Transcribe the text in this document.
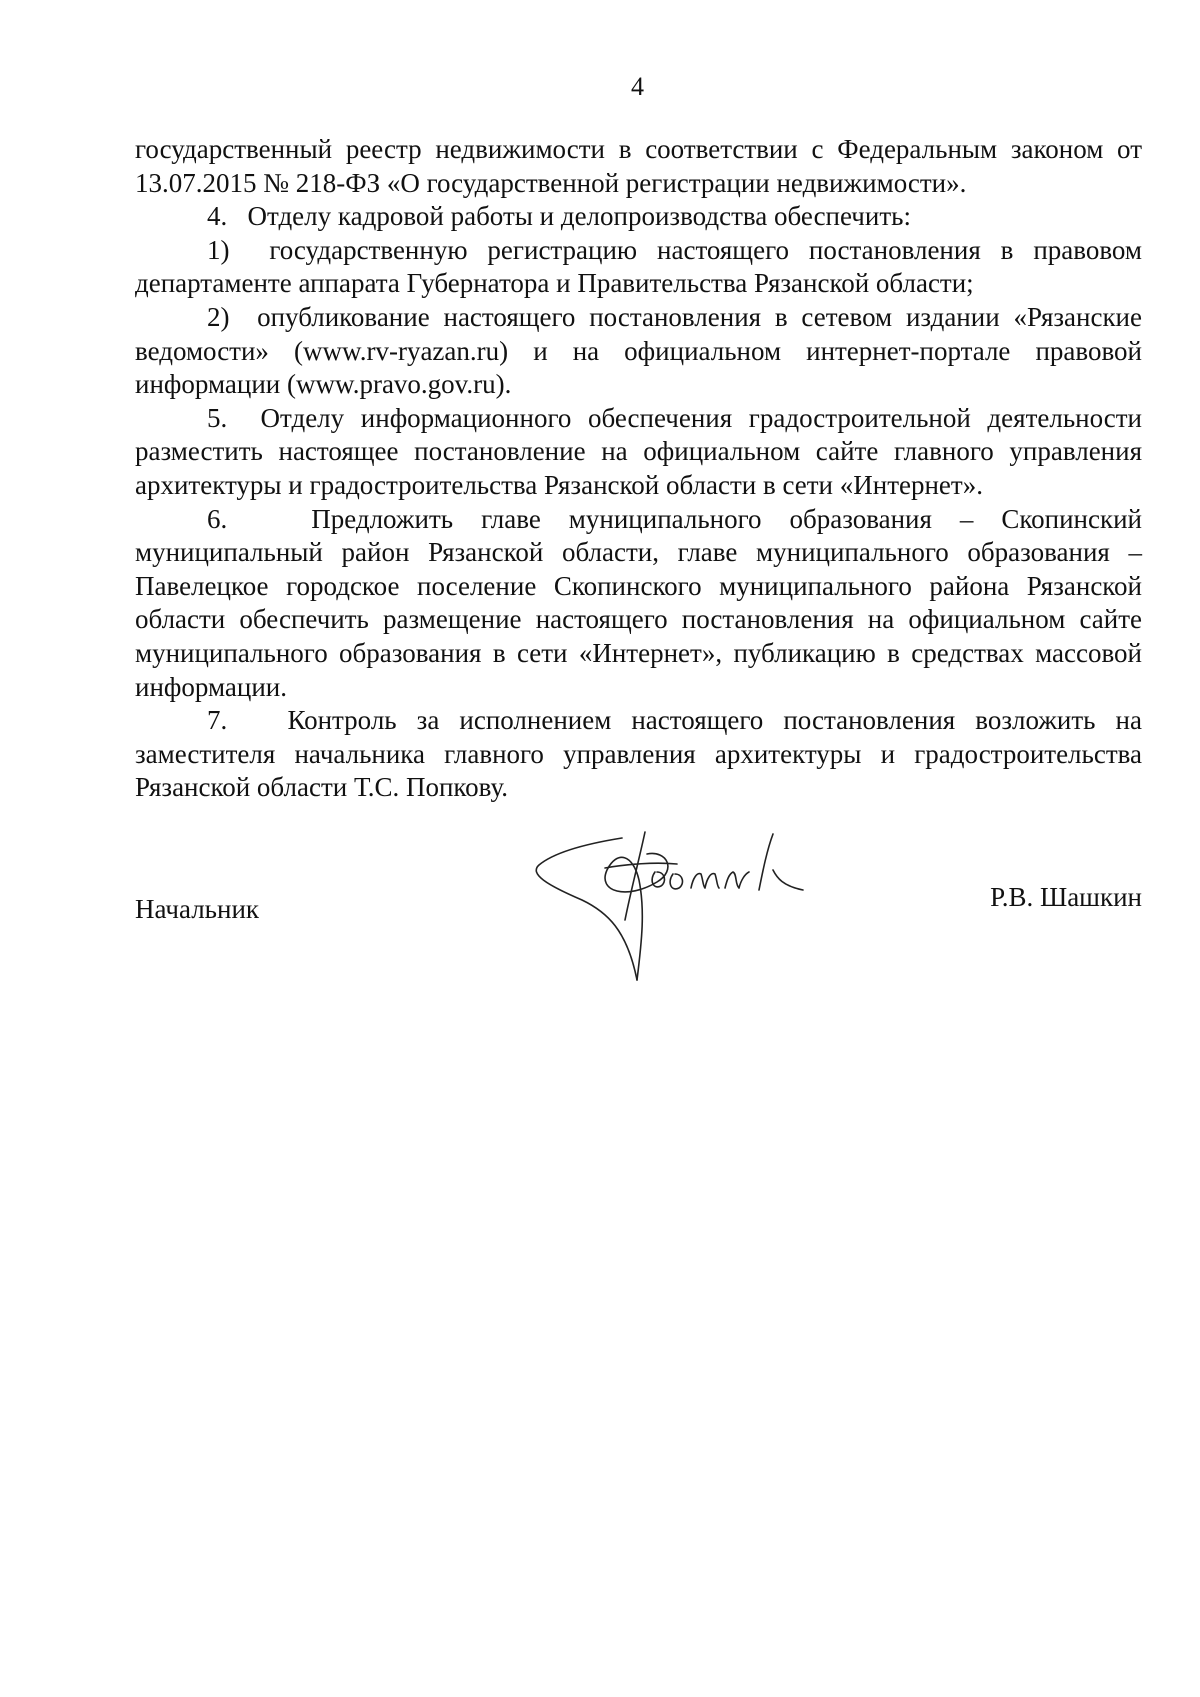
4

государственный реестр недвижимости в соответствии с Федеральным законом от 13.07.2015 № 218-ФЗ «О государственной регистрации недвижимости».

4.   Отделу кадровой работы и делопроизводства обеспечить:

1)  государственную регистрацию настоящего постановления в правовом департаменте аппарата Губернатора и Правительства Рязанской области;

2)  опубликование настоящего постановления в сетевом издании «Рязанские ведомости» (www.rv-ryazan.ru) и на официальном интернет-портале правовой информации (www.pravo.gov.ru).

5.  Отделу информационного обеспечения градостроительной деятельности разместить настоящее постановление на официальном сайте главного управления архитектуры и градостроительства Рязанской области в сети «Интернет».

6.   Предложить главе муниципального образования – Скопинский муниципальный район Рязанской области, главе муниципального образования – Павелецкое городское поселение Скопинского муниципального района Рязанской области обеспечить размещение настоящего постановления на официальном сайте муниципального образования в сети «Интернет», публикацию в средствах массовой информации.

7.   Контроль за исполнением настоящего постановления возложить на заместителя начальника главного управления архитектуры и градостроительства Рязанской области Т.С. Попкову.

Начальник	Р.В. Шашкин
